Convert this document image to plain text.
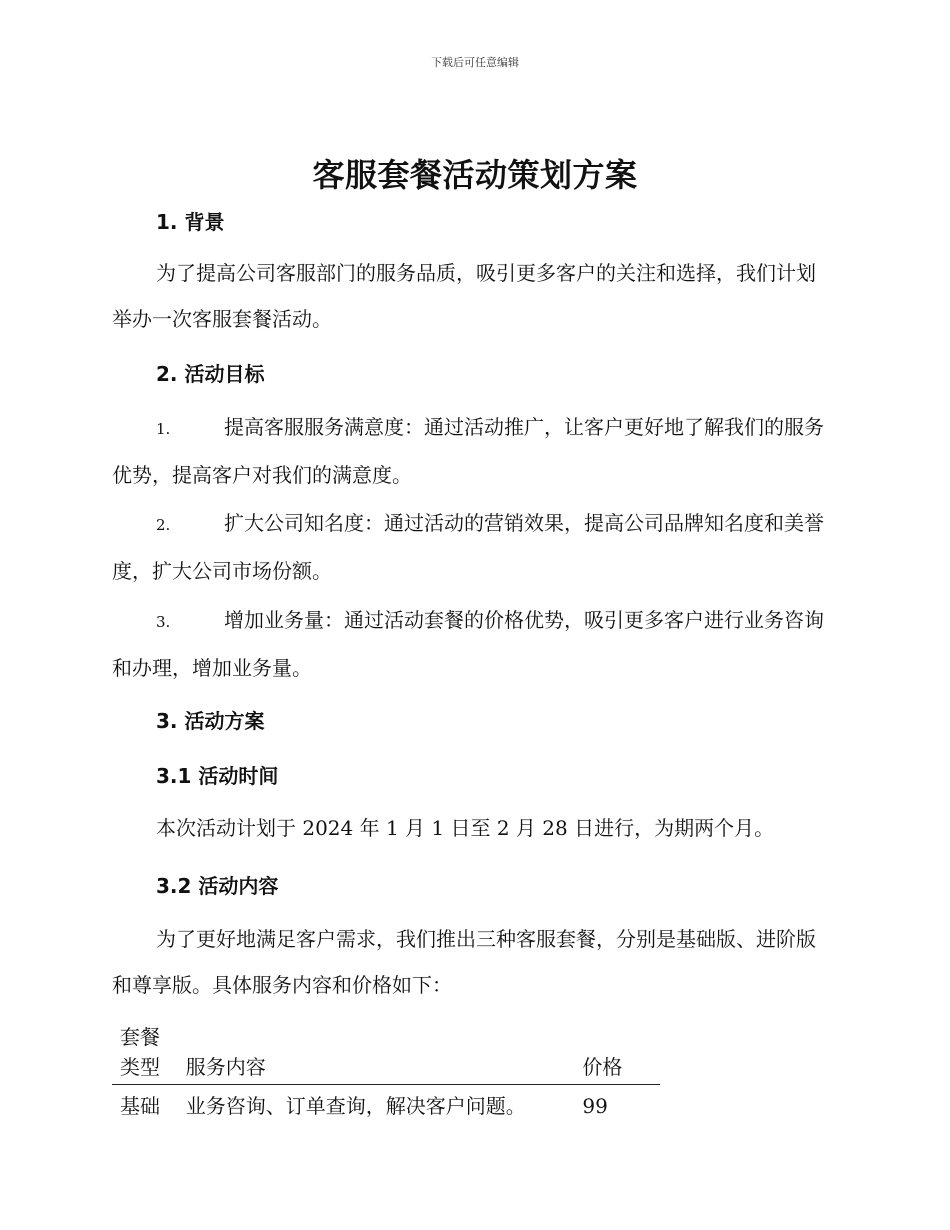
下载后可任意编辑
客服套餐活动策划方案
1. 背景

为了提高公司客服部门的服务品质，吸引更多客户的关注和选择，我们计划举办一次客服套餐活动。

2. 活动目标

1.	提高客服服务满意度：通过活动推广，让客户更好地了解我们的服务优势，提高客户对我们的满意度。

2.	扩大公司知名度：通过活动的营销效果，提高公司品牌知名度和美誉度，扩大公司市场份额。

3.	增加业务量：通过活动套餐的价格优势，吸引更多客户进行业务咨询和办理，增加业务量。

3. 活动方案
3.1 活动时间

本次活动计划于 2024 年 1 月 1 日至 2 月 28 日进行，为期两个月。

3.2 活动内容

为了更好地满足客户需求，我们推出三种客服套餐，分别是基础版、进阶版和尊享版。具体服务内容和价格如下：

套餐类型	服务内容	价格
基础	业务咨询、订单查询，解决客户问题。	99
